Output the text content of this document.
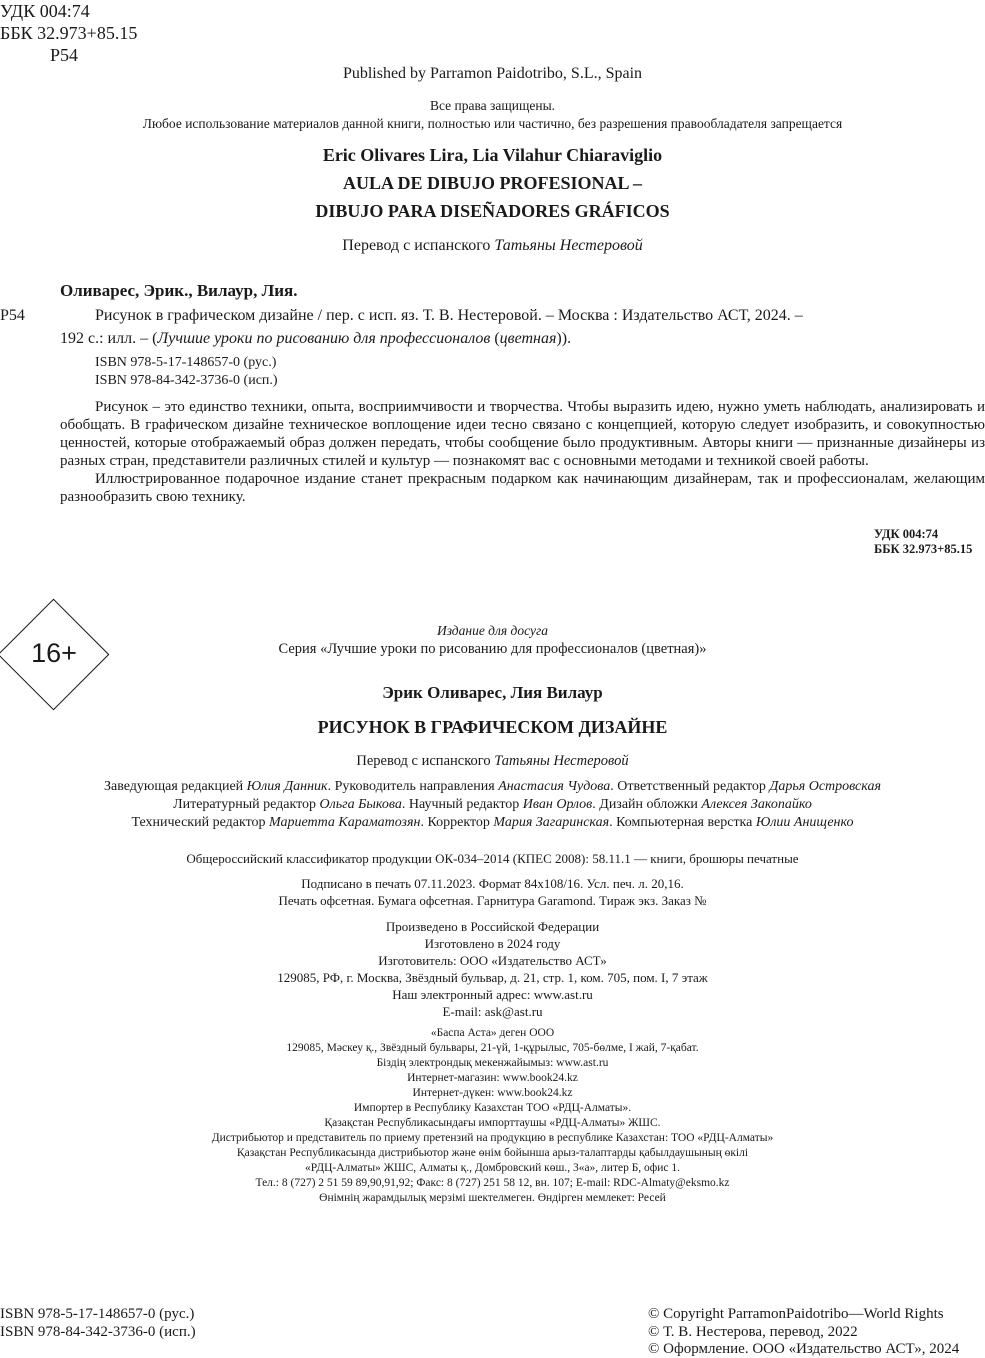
УДК 004:74
ББК 32.973+85.15
Р54
Published by Parramon Paidotribo, S.L., Spain
Все права защищены.
Любое использование материалов данной книги, полностью или частично, без разрешения правообладателя запрещается
Eric Olivares Lira, Lia Vilahur Chiaraviglio
AULA DE DIBUJO PROFESIONAL –
DIBUJO PARA DISEÑADORES GRÁFICOS
Перевод с испанского Татьяны Нестеровой
Оливарес, Эрик., Вилаур, Лия.
Р54	Рисунок в графическом дизайне / пер. с исп. яз. Т. В. Нестеровой. – Москва : Издательство АСТ, 2024. –
192 с.: илл. – (Лучшие уроки по рисованию для профессионалов (цветная)).
ISBN 978-5-17-148657-0 (рус.)
ISBN 978-84-342-3736-0 (исп.)

Рисунок – это единство техники, опыта, восприимчивости и творчества. Чтобы выразить идею, нужно уметь наблюдать, анализировать и обобщать. В графическом дизайне техническое воплощение идеи тесно связано с концепцией, которую следует изобразить, и совокупностью ценностей, которые отображаемый образ должен передать, чтобы сообщение было продуктивным. Авторы книги — признанные дизайнеры из разных стран, представители различных стилей и культур — познакомят вас с основными методами и техникой своей работы.

Иллюстрированное подарочное издание станет прекрасным подарком как начинающим дизайнерам, так и профессионалам, желающим разнообразить свою технику.

УДК 004:74
ББК 32.973+85.15
16+
Издание для досуга
Серия «Лучшие уроки по рисованию для профессионалов (цветная)»
Эрик Оливарес, Лия Вилаур
РИСУНОК В ГРАФИЧЕСКОМ ДИЗАЙНЕ
Перевод с испанского Татьяны Нестеровой
Заведующая редакцией Юлия Данник. Руководитель направления Анастасия Чудова. Ответственный редактор Дарья Островская
Литературный редактор Ольга Быкова. Научный редактор Иван Орлов. Дизайн обложки Алексея Закопайко
Технический редактор Мариетта Караматозян. Корректор Мария Загаринская. Компьютерная верстка Юлии Анищенко
Общероссийский классификатор продукции ОК-034–2014 (КПЕС 2008): 58.11.1 — книги, брошюры печатные
Подписано в печать 07.11.2023. Формат 84х108/16. Усл. печ. л. 20,16.
Печать офсетная. Бумага офсетная. Гарнитура Garamond. Тираж экз. Заказ №
Произведено в Российской Федерации
Изготовлено в 2024 году
Изготовитель: ООО «Издательство АСТ»
129085, РФ, г. Москва, Звёздный бульвар, д. 21, стр. 1, ком. 705, пом. I, 7 этаж
Наш электронный адрес: www.ast.ru
E-mail: ask@ast.ru
«Баспа Аста» деген ООО
129085, Мәскеу қ., Звёздный бульвары, 21-үй, 1-құрылыс, 705-бөлме, I жай, 7-қабат.
Біздің электрондық мекенжайымыз: www.ast.ru
Интернет-магазин: www.book24.kz
Интернет-дүкен: www.book24.kz
Импортер в Республику Казахстан ТОО «РДЦ-Алматы».
Қазақстан Республикасындағы импорттаушы «РДЦ-Алматы» ЖШС.
Дистрибьютор и представитель по приему претензий на продукцию в республике Казахстан: ТОО «РДЦ-Алматы»
Қазақстан Республикасында дистрибьютор және өнім бойынша арыз-талаптарды қабылдаушының өкілі
«РДЦ-Алматы» ЖШС, Алматы қ., Домбровский көш., 3«а», литер Б, офис 1.
Тел.: 8 (727) 2 51 59 89,90,91,92; Факс: 8 (727) 251 58 12, вн. 107; E-mail: RDC-Almaty@eksmo.kz
Өнімнің жарамдылық мерзімі шектелмеген. Өндірген мемлекет: Ресей
ISBN 978-5-17-148657-0 (рус.)
ISBN 978-84-342-3736-0 (исп.)
© Copyright ParramonPaidotribo—World Rights
© Т. В. Нестерова, перевод, 2022
© Оформление. ООО «Издательство АСТ», 2024
